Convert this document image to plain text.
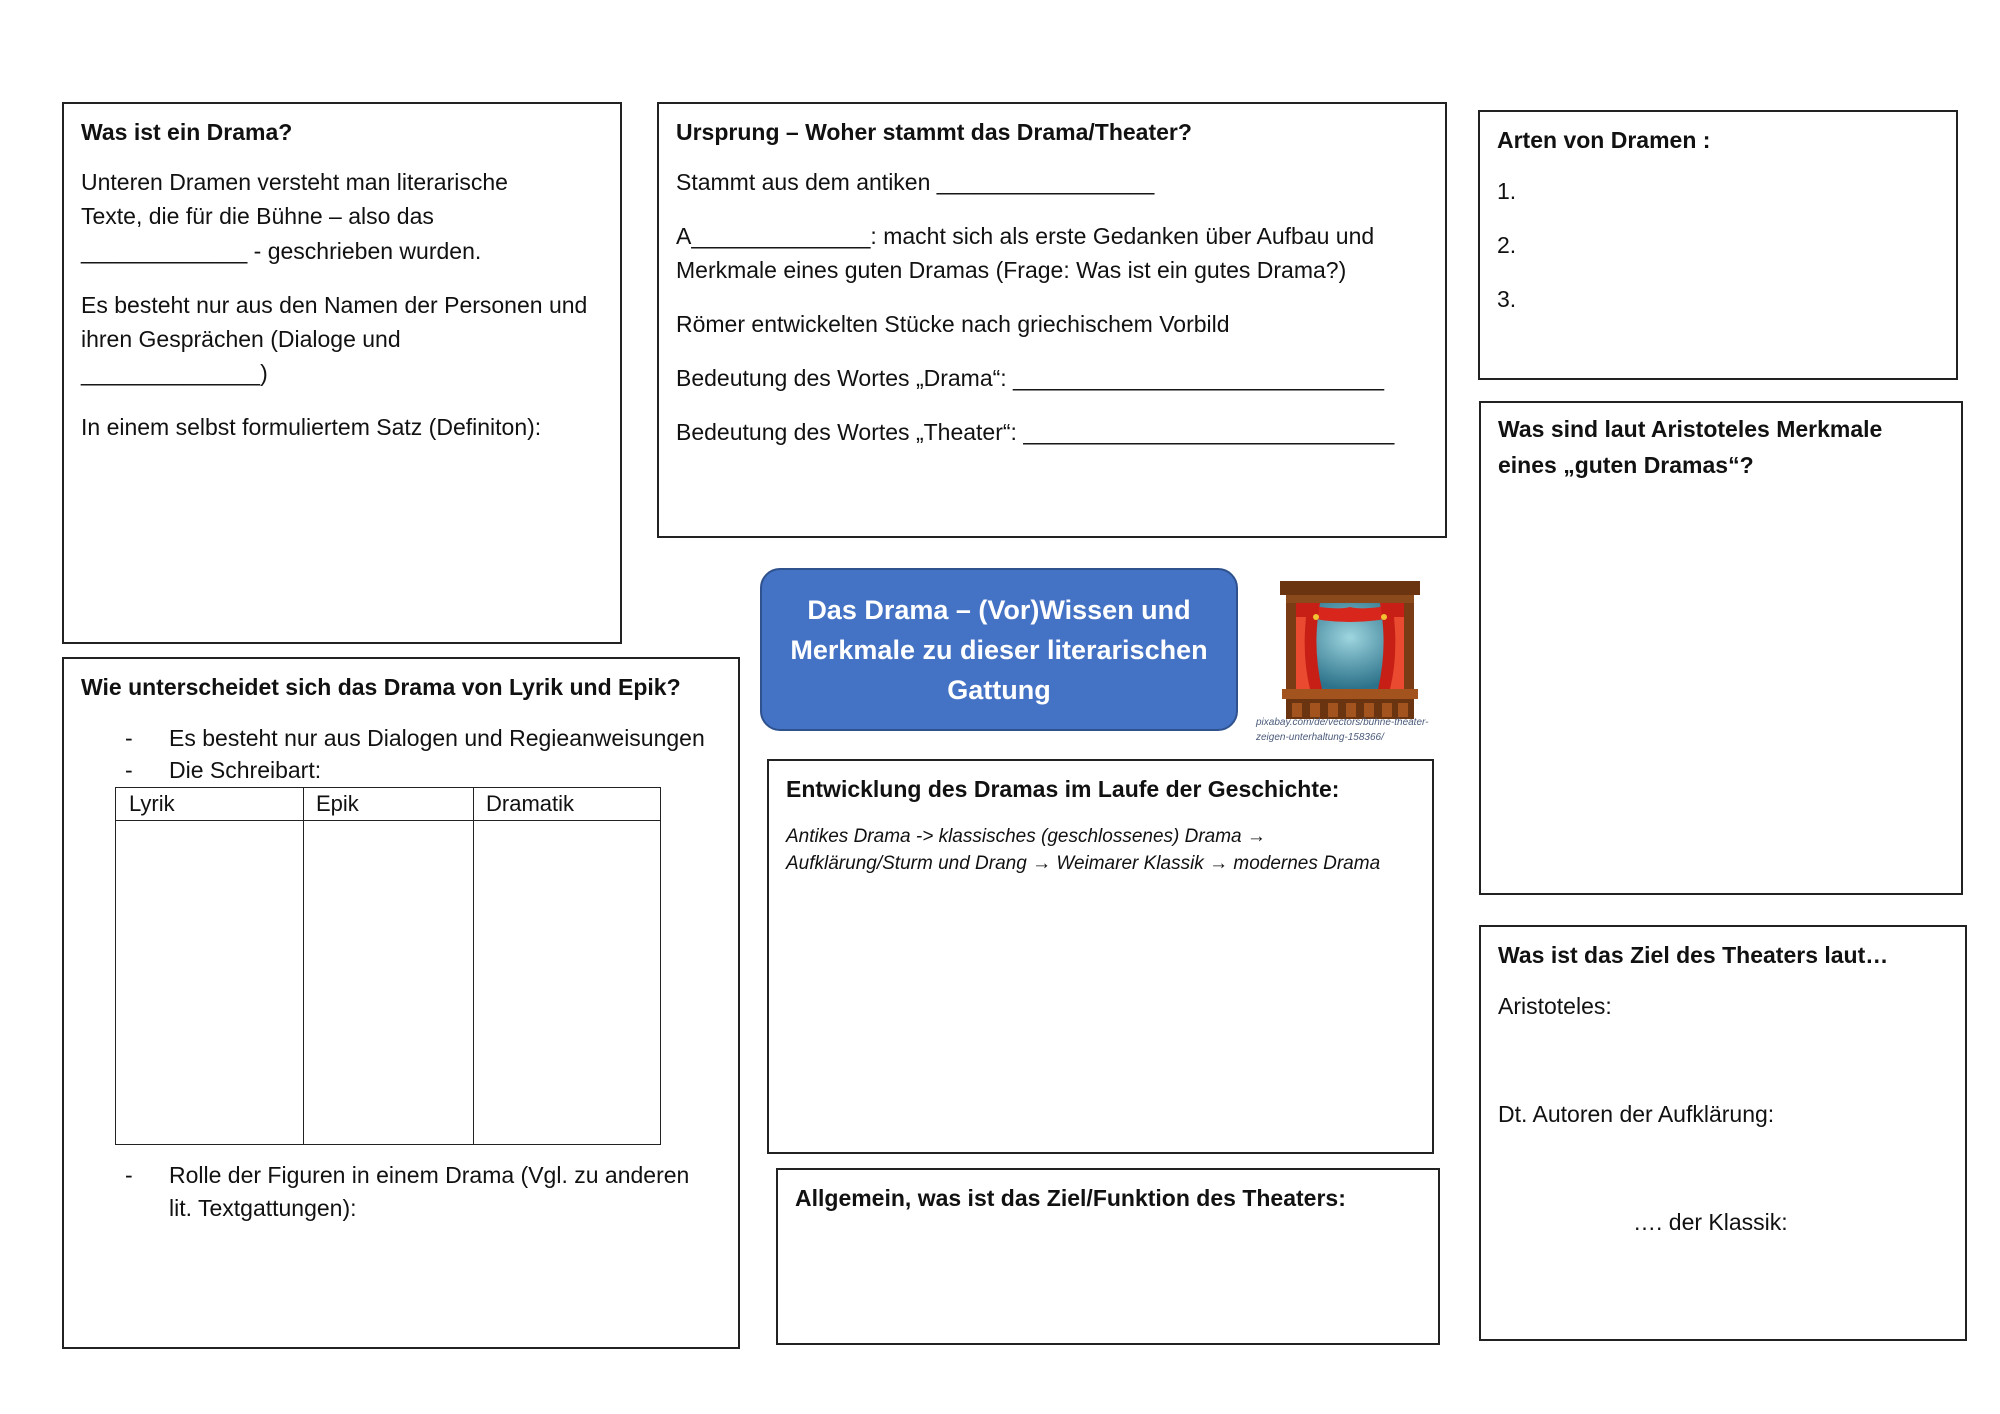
Was ist ein Drama?
Unteren Dramen versteht man literarische
Texte, die für die Bühne – also das
_____________ - geschrieben wurden.
Es besteht nur aus den Namen der Personen und
ihren Gesprächen (Dialoge und
______________)
In einem selbst formuliertem Satz (Definiton):
Ursprung – Woher stammt das Drama/Theater?
Stammt aus dem antiken _________________
A______________: macht sich als erste Gedanken über Aufbau und
Merkmale eines guten Dramas (Frage: Was ist ein gutes Drama?)
Römer entwickelten Stücke nach griechischem Vorbild
Bedeutung des Wortes „Drama“: _____________________________
Bedeutung des Wortes „Theater“: _____________________________
Arten von Dramen :
1.
2.
3.
Was sind laut Aristoteles Merkmale
eines „guten Dramas“?
Wie unterscheidet sich das Drama von Lyrik und Epik?
- Es besteht nur aus Dialogen und Regieanweisungen
- Die Schreibart:
Lyrik	Epik	Dramatik
- Rolle der Figuren in einem Drama (Vgl. zu anderen
lit. Textgattungen):
Das Drama – (Vor)Wissen und Merkmale zu dieser literarischen Gattung
pixabay.com/de/vectors/bühne-theater-
zeigen-unterhaltung-158366/
Entwicklung des Dramas im Laufe der Geschichte:
Antikes Drama -> klassisches (geschlossenes) Drama →
Aufklärung/Sturm und Drang → Weimarer Klassik → modernes Drama
Allgemein, was ist das Ziel/Funktion des Theaters:
Was ist das Ziel des Theaters laut…
Aristoteles:
Dt. Autoren der Aufklärung:
…. der Klassik:
